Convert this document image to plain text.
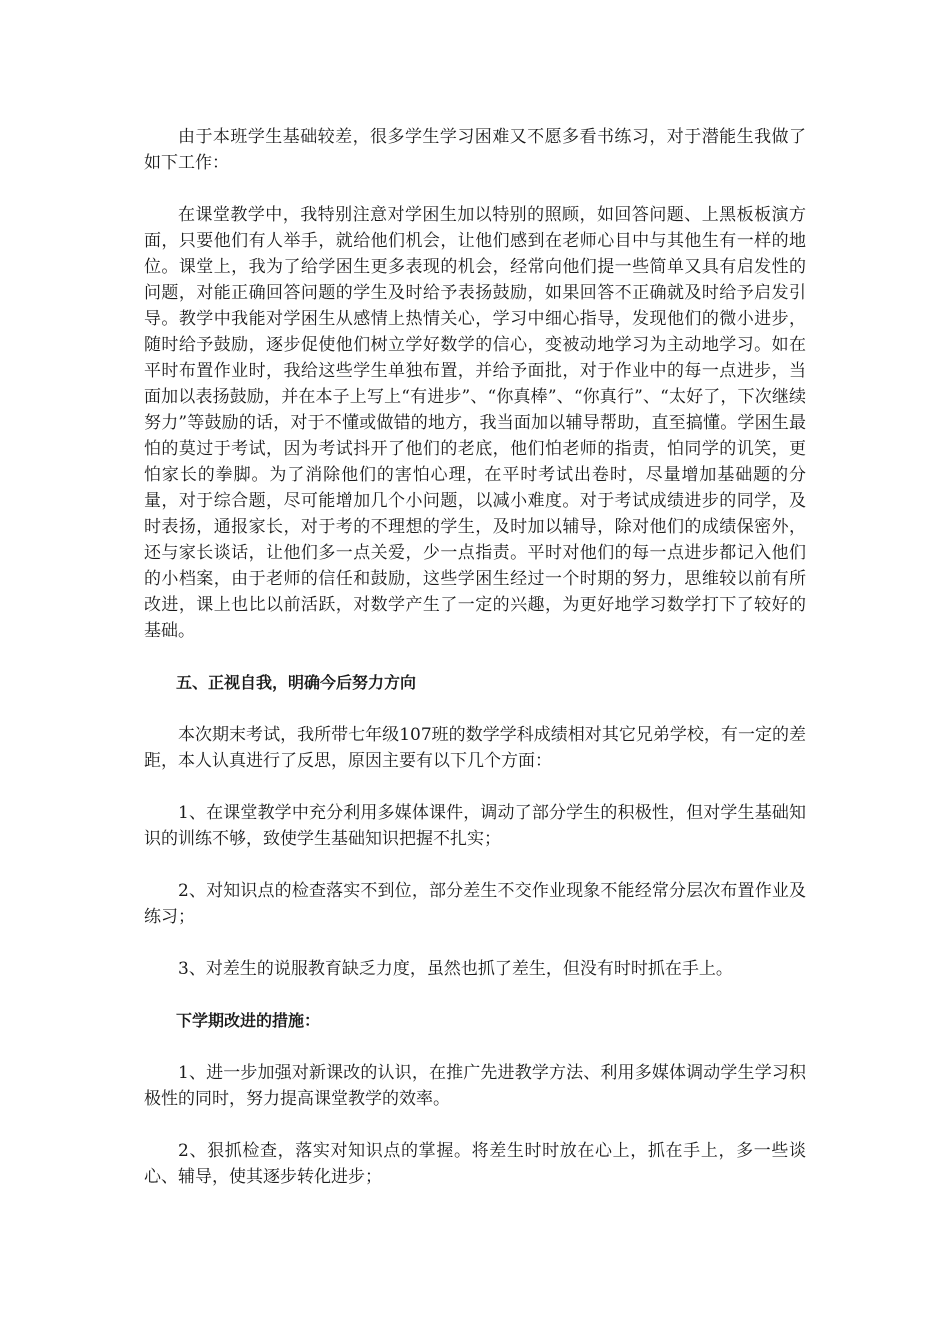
由于本班学生基础较差，很多学生学习困难又不愿多看书练习，对于潜能生我做了如下工作：

在课堂教学中，我特别注意对学困生加以特别的照顾，如回答问题、上黑板板演方面，只要他们有人举手，就给他们机会，让他们感到在老师心目中与其他生有一样的地位。课堂上，我为了给学困生更多表现的机会，经常向他们提一些简单又具有启发性的问题，对能正确回答问题的学生及时给予表扬鼓励，如果回答不正确就及时给予启发引导。教学中我能对学困生从感情上热情关心，学习中细心指导，发现他们的微小进步，随时给予鼓励，逐步促使他们树立学好数学的信心，变被动地学习为主动地学习。如在平时布置作业时，我给这些学生单独布置，并给予面批，对于作业中的每一点进步，当面加以表扬鼓励，并在本子上写上“有进步”、“你真棒”、“你真行”、“太好了，下次继续努力”等鼓励的话，对于不懂或做错的地方，我当面加以辅导帮助，直至搞懂。学困生最怕的莫过于考试，因为考试抖开了他们的老底，他们怕老师的指责，怕同学的讥笑，更怕家长的拳脚。为了消除他们的害怕心理，在平时考试出卷时，尽量增加基础题的分量，对于综合题，尽可能增加几个小问题，以减小难度。对于考试成绩进步的同学，及时表扬，通报家长，对于考的不理想的学生，及时加以辅导，除对他们的成绩保密外，还与家长谈话，让他们多一点关爱，少一点指责。平时对他们的每一点进步都记入他们的小档案，由于老师的信任和鼓励，这些学困生经过一个时期的努力，思维较以前有所改进，课上也比以前活跃，对数学产生了一定的兴趣，为更好地学习数学打下了较好的基础。

五、正视自我，明确今后努力方向

本次期末考试，我所带七年级107班的数学学科成绩相对其它兄弟学校，有一定的差距，本人认真进行了反思，原因主要有以下几个方面：

1、在课堂教学中充分利用多媒体课件，调动了部分学生的积极性，但对学生基础知识的训练不够，致使学生基础知识把握不扎实；

2、对知识点的检查落实不到位，部分差生不交作业现象不能经常分层次布置作业及练习；

3、对差生的说服教育缺乏力度，虽然也抓了差生，但没有时时抓在手上。

下学期改进的措施：

1、进一步加强对新课改的认识，在推广先进教学方法、利用多媒体调动学生学习积极性的同时，努力提高课堂教学的效率。

2、狠抓检查，落实对知识点的掌握。将差生时时放在心上，抓在手上，多一些谈心、辅导，使其逐步转化进步；
